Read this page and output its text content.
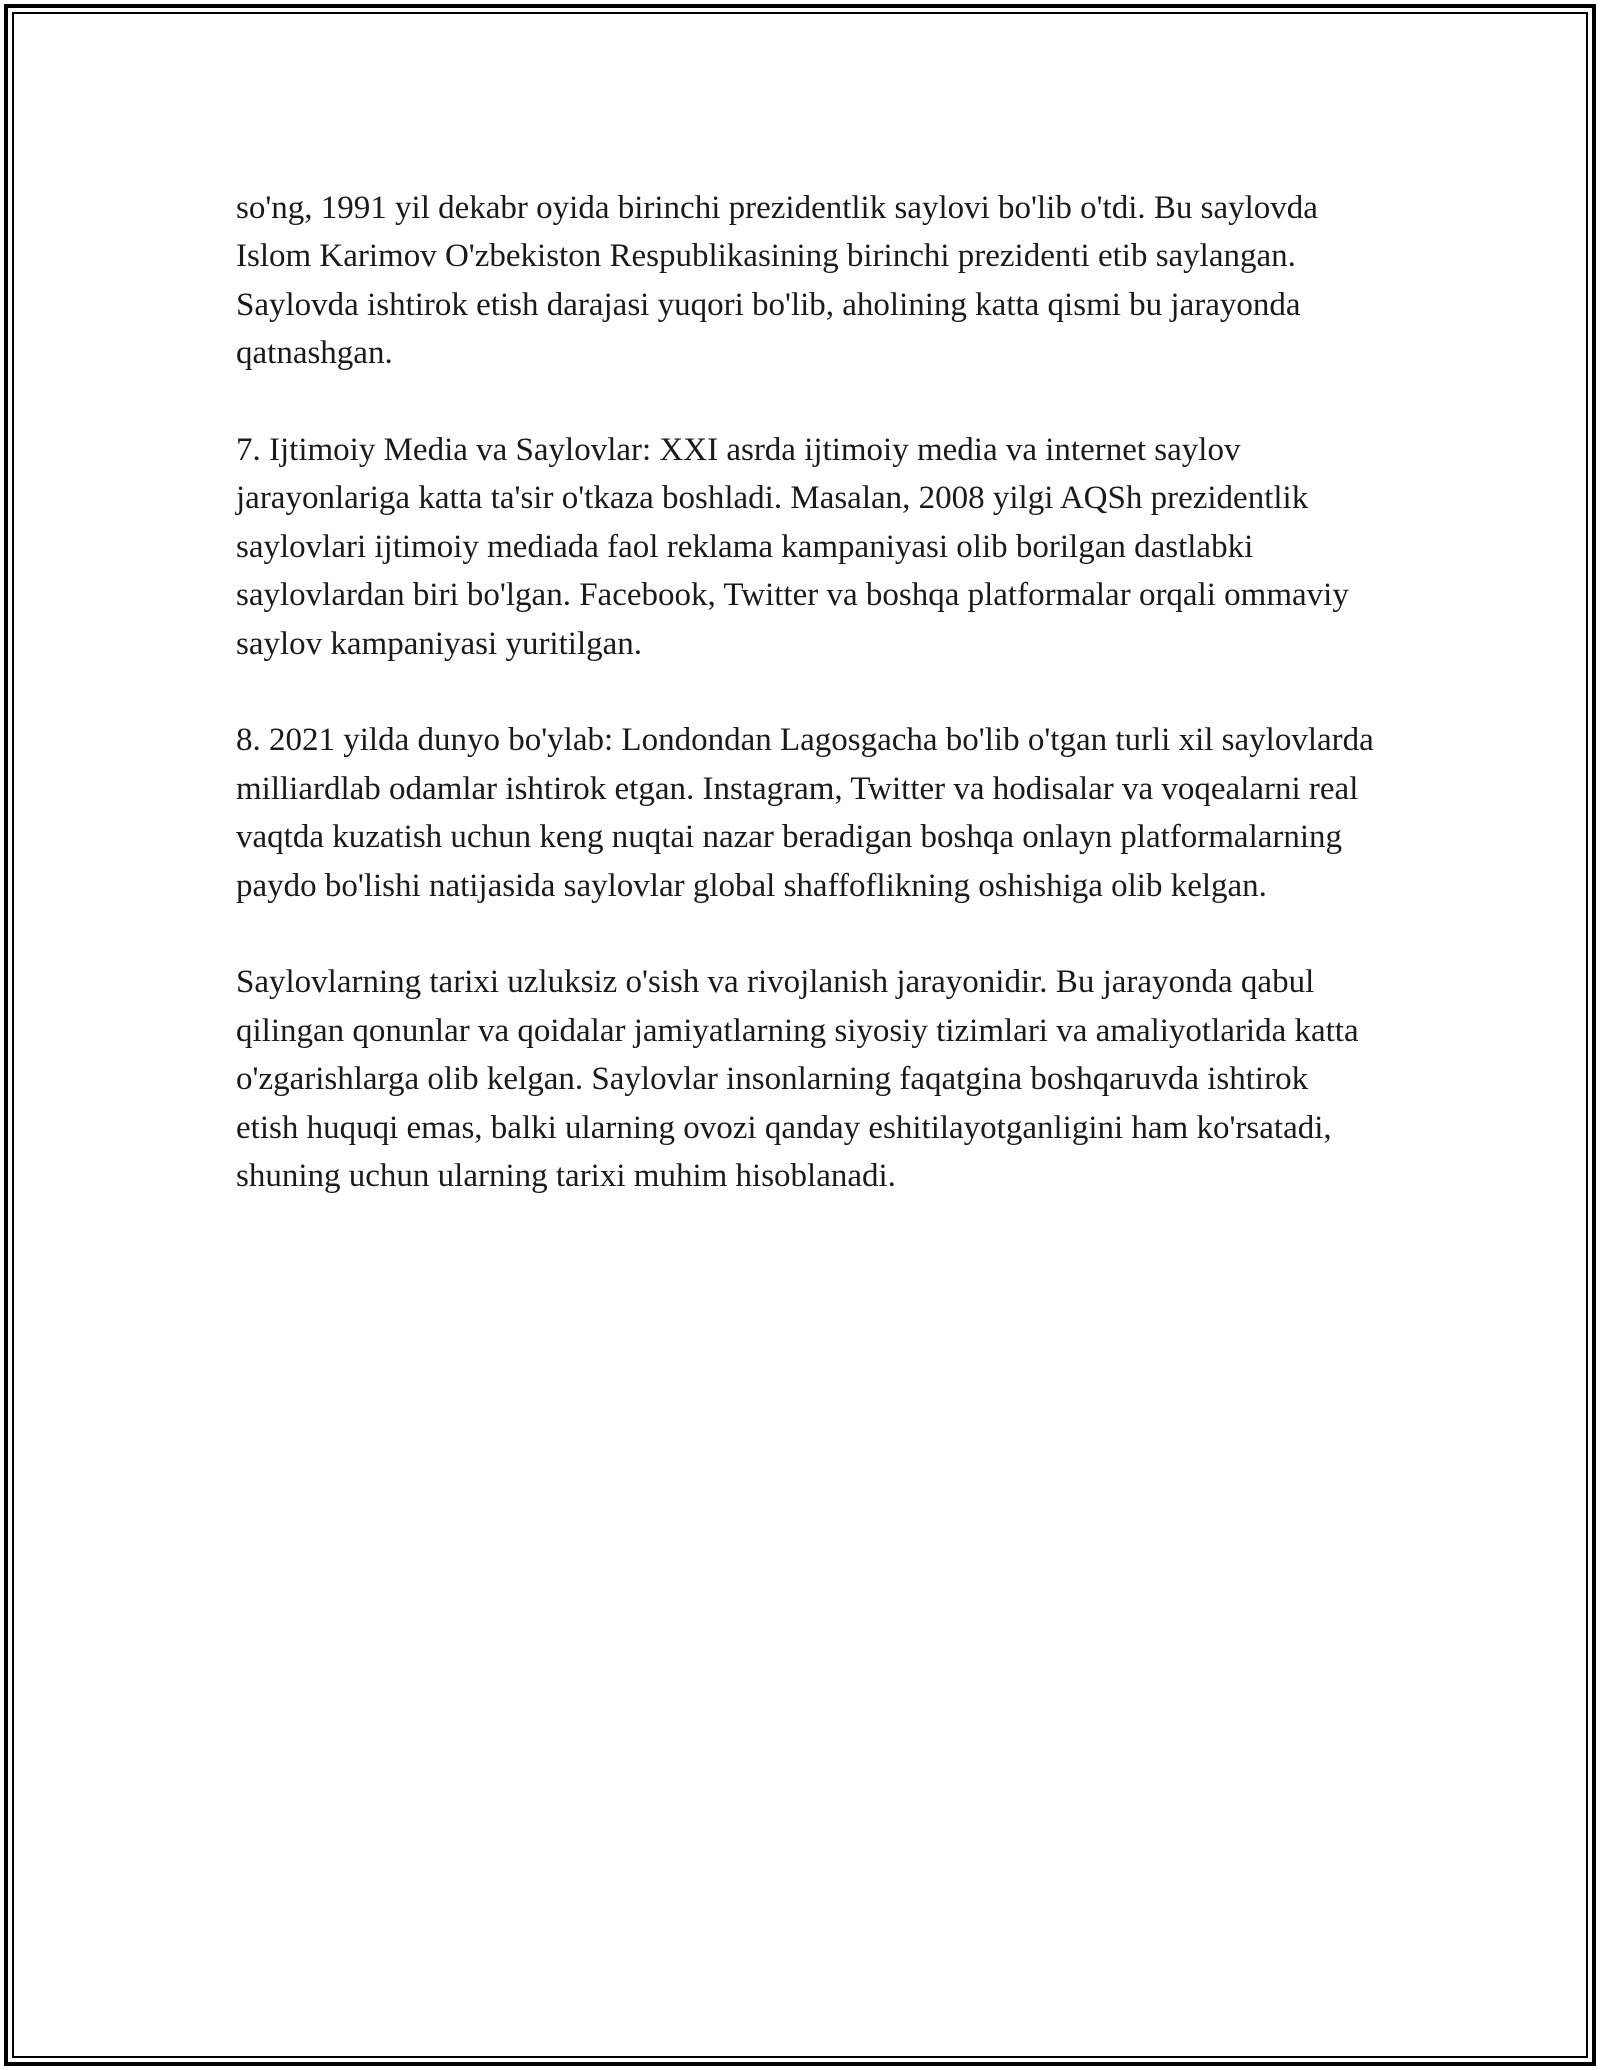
so'ng, 1991 yil dekabr oyida birinchi prezidentlik saylovi bo'lib o'tdi. Bu saylovda Islom Karimov O'zbekiston Respublikasining birinchi prezidenti etib saylangan. Saylovda ishtirok etish darajasi yuqori bo'lib, aholining katta qismi bu jarayonda qatnashgan.

7. Ijtimoiy Media va Saylovlar: XXI asrda ijtimoiy media va internet saylov jarayonlariga katta ta'sir o'tkaza boshladi. Masalan, 2008 yilgi AQSh prezidentlik saylovlari ijtimoiy mediada faol reklama kampaniyasi olib borilgan dastlabki saylovlardan biri bo'lgan. Facebook, Twitter va boshqa platformalar orqali ommaviy saylov kampaniyasi yuritilgan.

8. 2021 yilda dunyo bo'ylab: Londondan Lagosgacha bo'lib o'tgan turli xil saylovlarda milliardlab odamlar ishtirok etgan. Instagram, Twitter va hodisalar va voqealarni real vaqtda kuzatish uchun keng nuqtai nazar beradigan boshqa onlayn platformalarning paydo bo'lishi natijasida saylovlar global shaffoflikning oshishiga olib kelgan.

Saylovlarning tarixi uzluksiz o'sish va rivojlanish jarayonidir. Bu jarayonda qabul qilingan qonunlar va qoidalar jamiyatlarning siyosiy tizimlari va amaliyotlarida katta o'zgarishlarga olib kelgan. Saylovlar insonlarning faqatgina boshqaruvda ishtirok etish huquqi emas, balki ularning ovozi qanday eshitilayotganligini ham ko'rsatadi, shuning uchun ularning tarixi muhim hisoblanadi.
